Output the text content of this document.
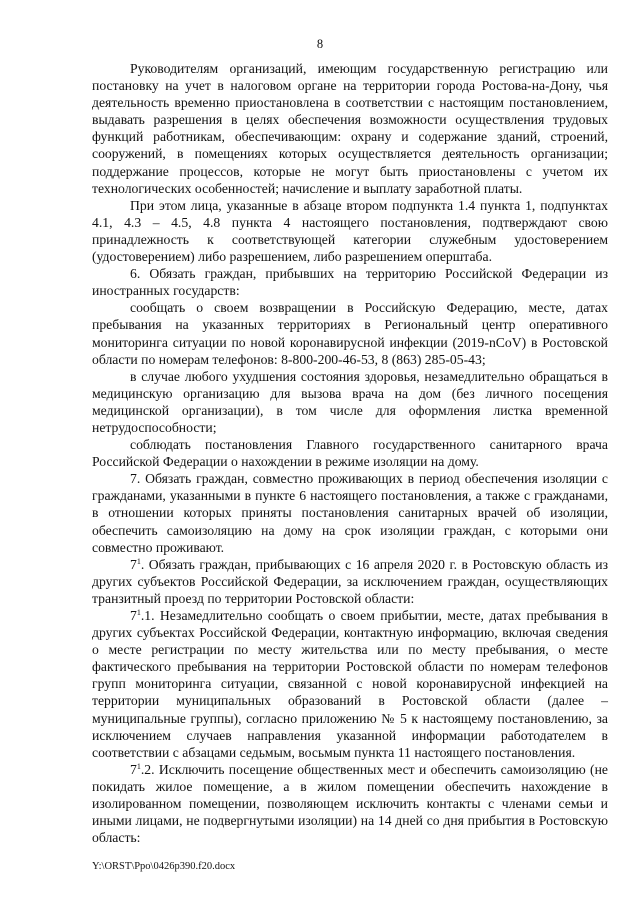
8

Руководителям организаций, имеющим государственную регистрацию или постановку на учет в налоговом органе на территории города Ростова-на-Дону, чья деятельность временно приостановлена в соответствии с настоящим постановлением, выдавать разрешения в целях обеспечения возможности осуществления трудовых функций работникам, обеспечивающим: охрану и содержание зданий, строений, сооружений, в помещениях которых осуществляется деятельность организации; поддержание процессов, которые не могут быть приостановлены с учетом их технологических особенностей; начисление и выплату заработной платы.

При этом лица, указанные в абзаце втором подпункта 1.4 пункта 1, подпунктах 4.1, 4.3 – 4.5, 4.8 пункта 4 настоящего постановления, подтверждают свою принадлежность к соответствующей категории служебным удостоверением (удостоверением) либо разрешением, либо разрешением оперштаба.

6. Обязать граждан, прибывших на территорию Российской Федерации из иностранных государств:

сообщать о своем возвращении в Российскую Федерацию, месте, датах пребывания на указанных территориях в Региональный центр оперативного мониторинга ситуации по новой коронавирусной инфекции (2019-nCoV) в Ростовской области по номерам телефонов: 8-800-200-46-53, 8 (863) 285-05-43;

в случае любого ухудшения состояния здоровья, незамедлительно обращаться в медицинскую организацию для вызова врача на дом (без личного посещения медицинской организации), в том числе для оформления листка временной нетрудоспособности;

соблюдать постановления Главного государственного санитарного врача Российской Федерации о нахождении в режиме изоляции на дому.

7. Обязать граждан, совместно проживающих в период обеспечения изоляции с гражданами, указанными в пункте 6 настоящего постановления, а также с гражданами, в отношении которых приняты постановления санитарных врачей об изоляции, обеспечить самоизоляцию на дому на срок изоляции граждан, с которыми они совместно проживают.

$7^1$. Обязать граждан, прибывающих с 16 апреля 2020 г. в Ростовскую область из других субъектов Российской Федерации, за исключением граждан, осуществляющих транзитный проезд по территории Ростовской области:

$7^1.1$. Незамедлительно сообщать о своем прибытии, месте, датах пребывания в других субъектах Российской Федерации, контактную информацию, включая сведения о месте регистрации по месту жительства или по месту пребывания, о месте фактического пребывания на территории Ростовской области по номерам телефонов групп мониторинга ситуации, связанной с новой коронавирусной инфекцией на территории муниципальных образований в Ростовской области (далее – муниципальные группы), согласно приложению № 5 к настоящему постановлению, за исключением случаев направления указанной информации работодателем в соответствии с абзацами седьмым, восьмым пункта 11 настоящего постановления.

$7^1.2$. Исключить посещение общественных мест и обеспечить самоизоляцию (не покидать жилое помещение, а в жилом помещении обеспечить нахождение в изолированном помещении, позволяющем исключить контакты с членами семьи и иными лицами, не подвергнутыми изоляции) на 14 дней со дня прибытия в Ростовскую область:

Y:\ORST\Ppo\0426p390.f20.docx
